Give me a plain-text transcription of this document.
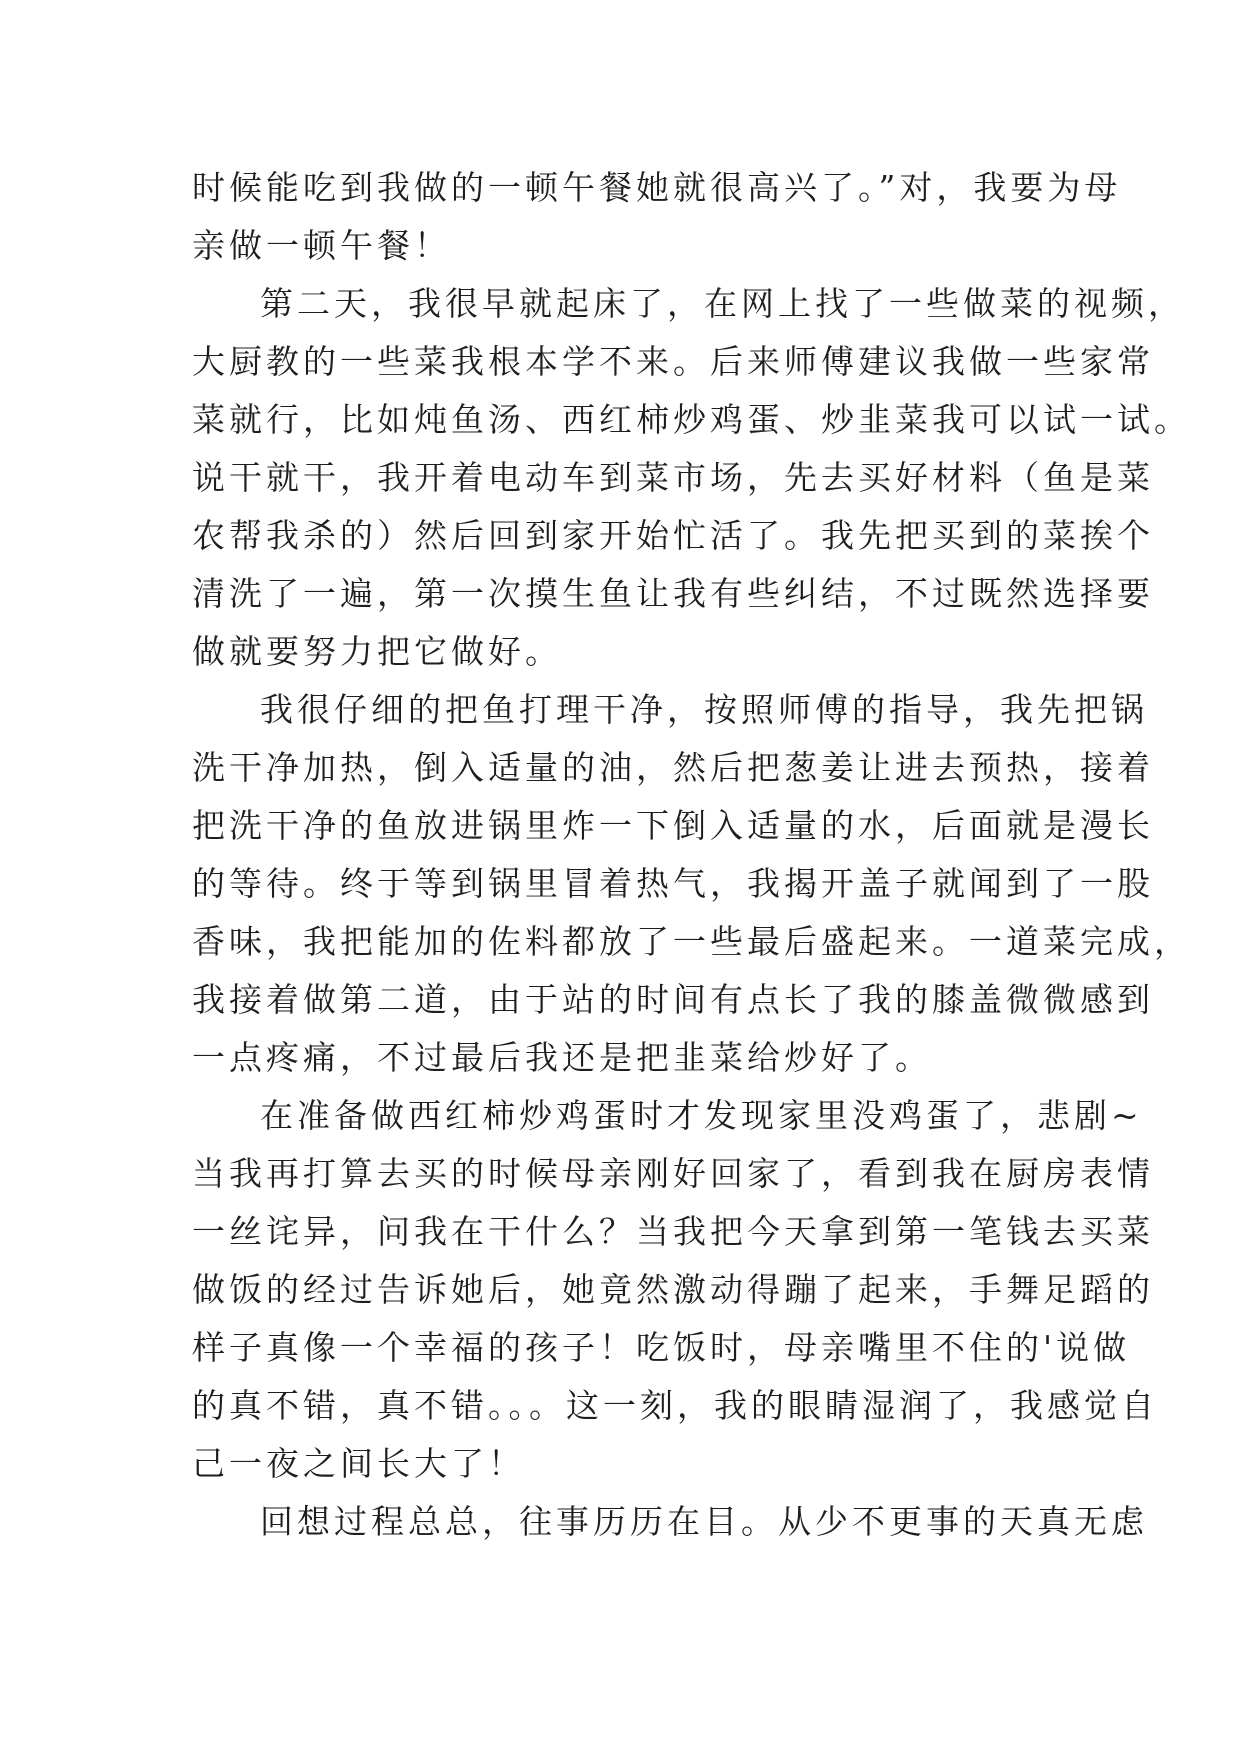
时候能吃到我做的一顿午餐她就很高兴了。”对，我要为母
亲做一顿午餐！
第二天，我很早就起床了，在网上找了一些做菜的视频，
大厨教的一些菜我根本学不来。后来师傅建议我做一些家常
菜就行，比如炖鱼汤、西红柿炒鸡蛋、炒韭菜我可以试一试。
说干就干，我开着电动车到菜市场，先去买好材料（鱼是菜
农帮我杀的）然后回到家开始忙活了。我先把买到的菜挨个
清洗了一遍，第一次摸生鱼让我有些纠结，不过既然选择要
做就要努力把它做好。
我很仔细的把鱼打理干净，按照师傅的指导，我先把锅
洗干净加热，倒入适量的油，然后把葱姜让进去预热，接着
把洗干净的鱼放进锅里炸一下倒入适量的水，后面就是漫长
的等待。终于等到锅里冒着热气，我揭开盖子就闻到了一股
香味，我把能加的佐料都放了一些最后盛起来。一道菜完成，
我接着做第二道，由于站的时间有点长了我的膝盖微微感到
一点疼痛，不过最后我还是把韭菜给炒好了。
在准备做西红柿炒鸡蛋时才发现家里没鸡蛋了，悲剧~
当我再打算去买的时候母亲刚好回家了，看到我在厨房表情
一丝诧异，问我在干什么？当我把今天拿到第一笔钱去买菜
做饭的经过告诉她后，她竟然激动得蹦了起来，手舞足蹈的
样子真像一个幸福的孩子！吃饭时，母亲嘴里不住的'说做
的真不错，真不错。。。这一刻，我的眼睛湿润了，我感觉自
己一夜之间长大了！
回想过程总总，往事历历在目。从少不更事的天真无虑
